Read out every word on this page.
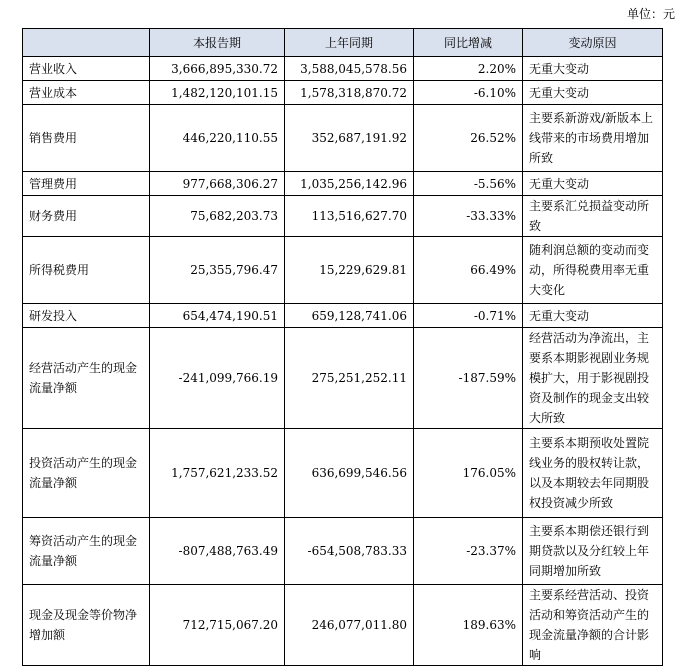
单位：元
	本报告期	上年同期	同比增减	变动原因
营业收入	3,666,895,330.72	3,588,045,578.56	2.20%	无重大变动
营业成本	1,482,120,101.15	1,578,318,870.72	-6.10%	无重大变动
销售费用	446,220,110.55	352,687,191.92	26.52%	主要系新游戏/新版本上线带来的市场费用增加所致
管理费用	977,668,306.27	1,035,256,142.96	-5.56%	无重大变动
财务费用	75,682,203.73	113,516,627.70	-33.33%	主要系汇兑损益变动所致
所得税费用	25,355,796.47	15,229,629.81	66.49%	随利润总额的变动而变动，所得税费用率无重大变化
研发投入	654,474,190.51	659,128,741.06	-0.71%	无重大变动
经营活动产生的现金流量净额	-241,099,766.19	275,251,252.11	-187.59%	经营活动为净流出，主要系本期影视剧业务规模扩大，用于影视剧投资及制作的现金支出较大所致
投资活动产生的现金流量净额	1,757,621,233.52	636,699,546.56	176.05%	主要系本期预收处置院线业务的股权转让款，以及本期较去年同期股权投资减少所致
筹资活动产生的现金流量净额	-807,488,763.49	-654,508,783.33	-23.37%	主要系本期偿还银行到期贷款以及分红较上年同期增加所致
现金及现金等价物净增加额	712,715,067.20	246,077,011.80	189.63%	主要系经营活动、投资活动和筹资活动产生的现金流量净额的合计影响
